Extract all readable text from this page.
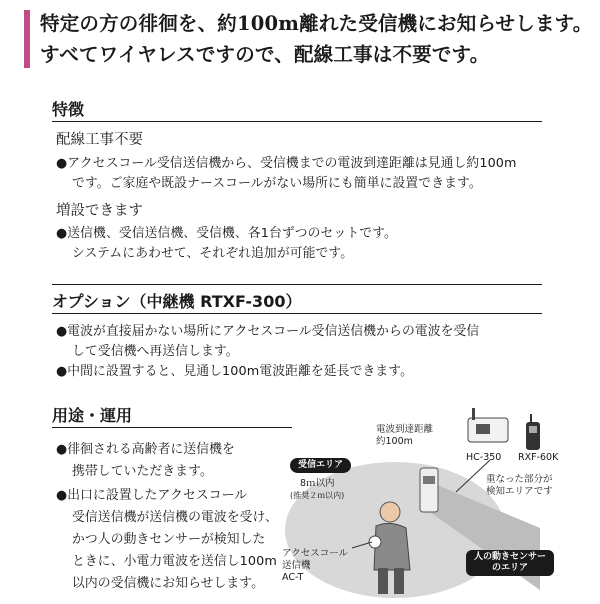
特定の方の徘徊を、約100m離れた受信機にお知らせします。
すべてワイヤレスですので、配線工事は不要です。
特徴
配線工事不要
●アクセスコール受信送信機から、受信機までの電波到達距離は見通し約100m
です。ご家庭や既設ナースコールがない場所にも簡単に設置できます。
増設できます
●送信機、受信送信機、受信機、各1台ずつのセットです。
システムにあわせて、それぞれ追加が可能です。
オプション（中継機 RTXF-300）
●電波が直接届かない場所にアクセスコール受信送信機からの電波を受信
して受信機へ再送信します。
●中間に設置すると、見通し100m電波距離を延長できます。
用途・運用
●徘徊される高齢者に送信機を
携帯していただきます。
●出口に設置したアクセスコール
受信送信機が送信機の電波を受け、
かつ人の動きセンサーが検知した
ときに、小電力電波を送信し100m
以内の受信機にお知らせします。
電波到達距離
約100m
HC-350 RXF-60K
重なった部分が
検知エリアです
受信エリア
8ｍ以内
(推奨２ｍ以内)
アクセスコール
送信機
AC-T
人の動きセンサー
のエリア
